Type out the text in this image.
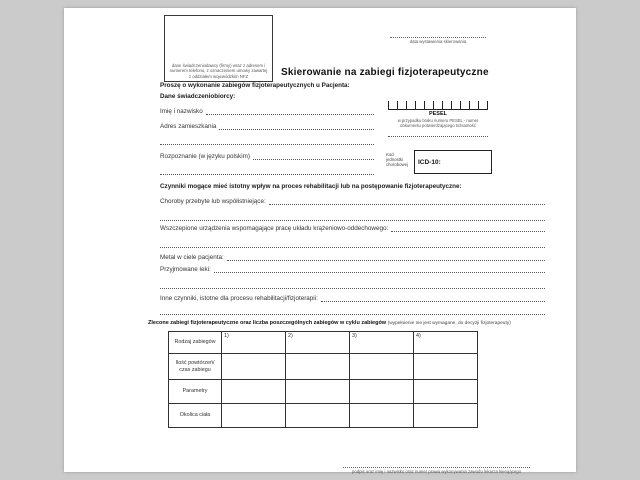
dane świadczeniodawcy (firmy) wraz z adresem i numerem telefonu, z oznaczeniem umowy zawartej z oddziałem wojewódzkim NFZ
data wystawienia skierowania
Skierowanie na zabiegi fizjoterapeutyczne
Proszę o wykonanie zabiegów fizjoterapeutycznych u Pacjenta:
Dane świadczeniobiorcy:
Imię i nazwisko
Adres zamieszkania
PESEL
w przypadku braku numeru PESEL - numer dokumentu potwierdzającego tożsamość
Rozpoznanie (w języku polskim)	Kod jednostki chorobowej	ICD-10:
Czynniki mogące mieć istotny wpływ na proces rehabilitacji lub na postępowanie fizjoterapeutyczne:
Choroby przebyte lub współistniejące:
Wszczepione urządzenia wspomagające pracę układu krążeniowo-oddechowego:
Metal w ciele pacjenta:
Przyjmowane leki:
Inne czynniki, istotne dla procesu rehabilitacji/fizjoterapii:
Zlecone zabiegi fizjoterapeutyczne oraz liczba poszczególnych zabiegów w cyklu zabiegów (wypełnienie nie jest wymagane, do decyzji fizjoterapeuty)
Rodzaj zabiegów	1)	2)	3)	4)
Ilość powtórzeń/ czas zabiegu				
Parametry				
Okolica ciała				
podpis oraz imię i nazwisko oraz numer prawa wykonywania zawodu lekarza kierującego
